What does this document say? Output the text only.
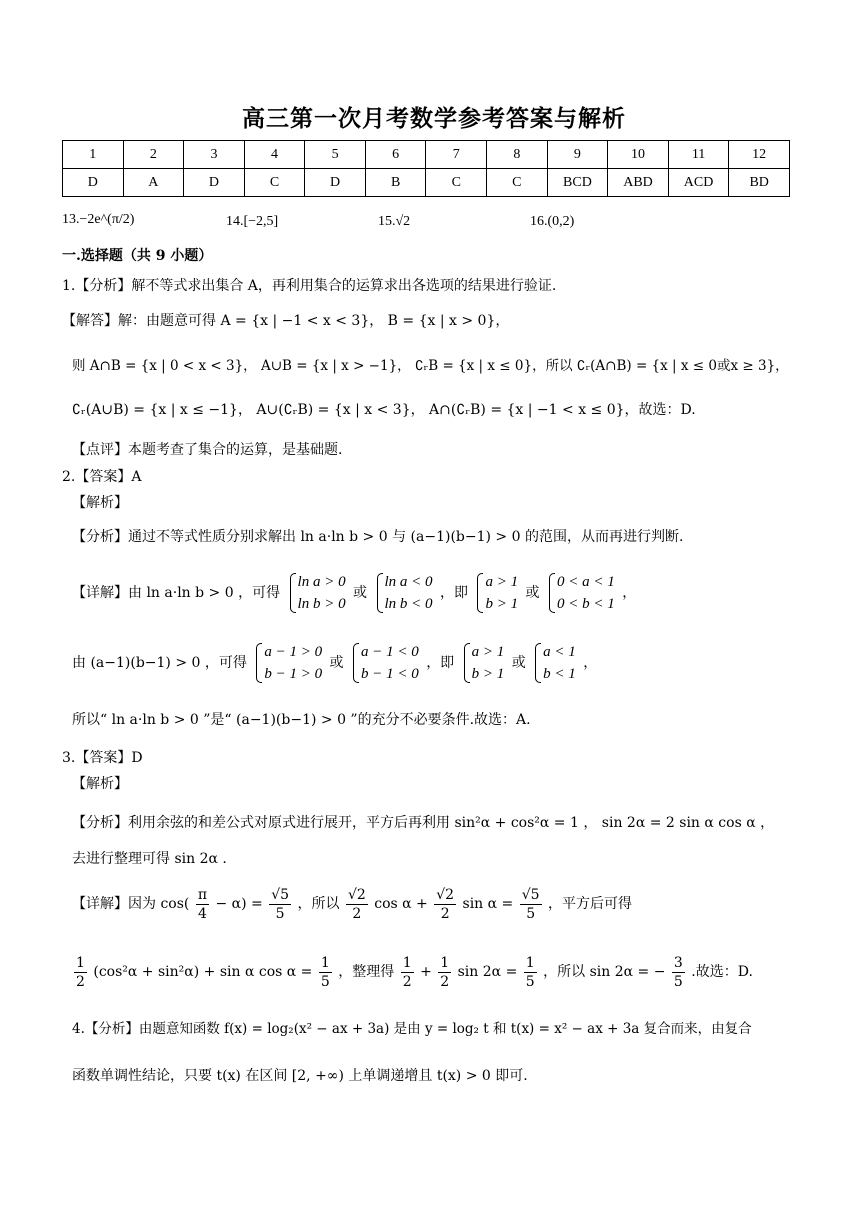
高三第一次月考数学参考答案与解析
1	2	3	4	5	6	7	8	9	10	11	12
D	A	D	C	D	B	C	C	BCD	ABD	ACD	BD
13.−2e^(π/2)	14.[−2,5]	15.√2	16.(0,2)
一.选择题（共 9 小题）
1.【分析】解不等式求出集合 A，再利用集合的运算求出各选项的结果进行验证.
【解答】解：由题意可得 A = {x | −1 < x < 3}， B = {x | x > 0}，
则 A∩B = {x | 0 < x < 3}， A∪B = {x | x > −1}， ∁ᵣB = {x | x ≤ 0}，所以 ∁ᵣ(A∩B) = {x | x ≤ 0或x ≥ 3}，
∁ᵣ(A∪B) = {x | x ≤ −1}， A∪(∁ᵣB) = {x | x < 3}， A∩(∁ᵣB) = {x | −1 < x ≤ 0}，故选：D.
【点评】本题考查了集合的运算，是基础题.
2.【答案】A
【解析】
【分析】通过不等式性质分别求解出 ln a·ln b > 0 与 (a−1)(b−1) > 0 的范围，从而再进行判断.
【详解】由 ln a·ln b > 0 ，可得
ln a > 0
ln b > 0
或
ln a < 0
ln b < 0
，即
a > 1
b > 1
或
0 < a < 1
0 < b < 1
，
由 (a−1)(b−1) > 0 ，可得
a − 1 > 0
b − 1 > 0
或
a − 1 < 0
b − 1 < 0
，即
a > 1
b > 1
或
a < 1
b < 1
，
所以“ ln a·ln b > 0 ”是“ (a−1)(b−1) > 0 ”的充分不必要条件.故选：A.
3.【答案】D
【解析】
【分析】利用余弦的和差公式对原式进行展开，平方后再利用 sin²α + cos²α = 1 ， sin 2α = 2 sin α cos α ，
去进行整理可得 sin 2α .
【详解】因为 $\cos( \frac{\pi}{4} - \alpha) = \frac{√5}{5}$ ，所以 $\frac{√2}{2}$ $\cos \alpha + \frac{√2}{2}$ $\sin \alpha = \frac{√5}{5}$ ，平方后可得
$\frac{1}{2} (\cos^2\alpha + \sin^2\alpha) + \sin \alpha$ $\cos \alpha = \frac{1}{5}$ ，整理得 $\frac{1}{2} + \frac{1}{2}$ $\sin 2\alpha = \frac{1}{5}$ ，所以 sin 2α = − $\frac{3}{5}$ .故选：D.
4.【分析】由题意知函数 f(x) = log₂(x² − ax + 3a) 是由 y = log₂ t 和 t(x) = x² − ax + 3a 复合而来，由复合
函数单调性结论，只要 t(x) 在区间 [2, +∞) 上单调递增且 t(x) > 0 即可.
